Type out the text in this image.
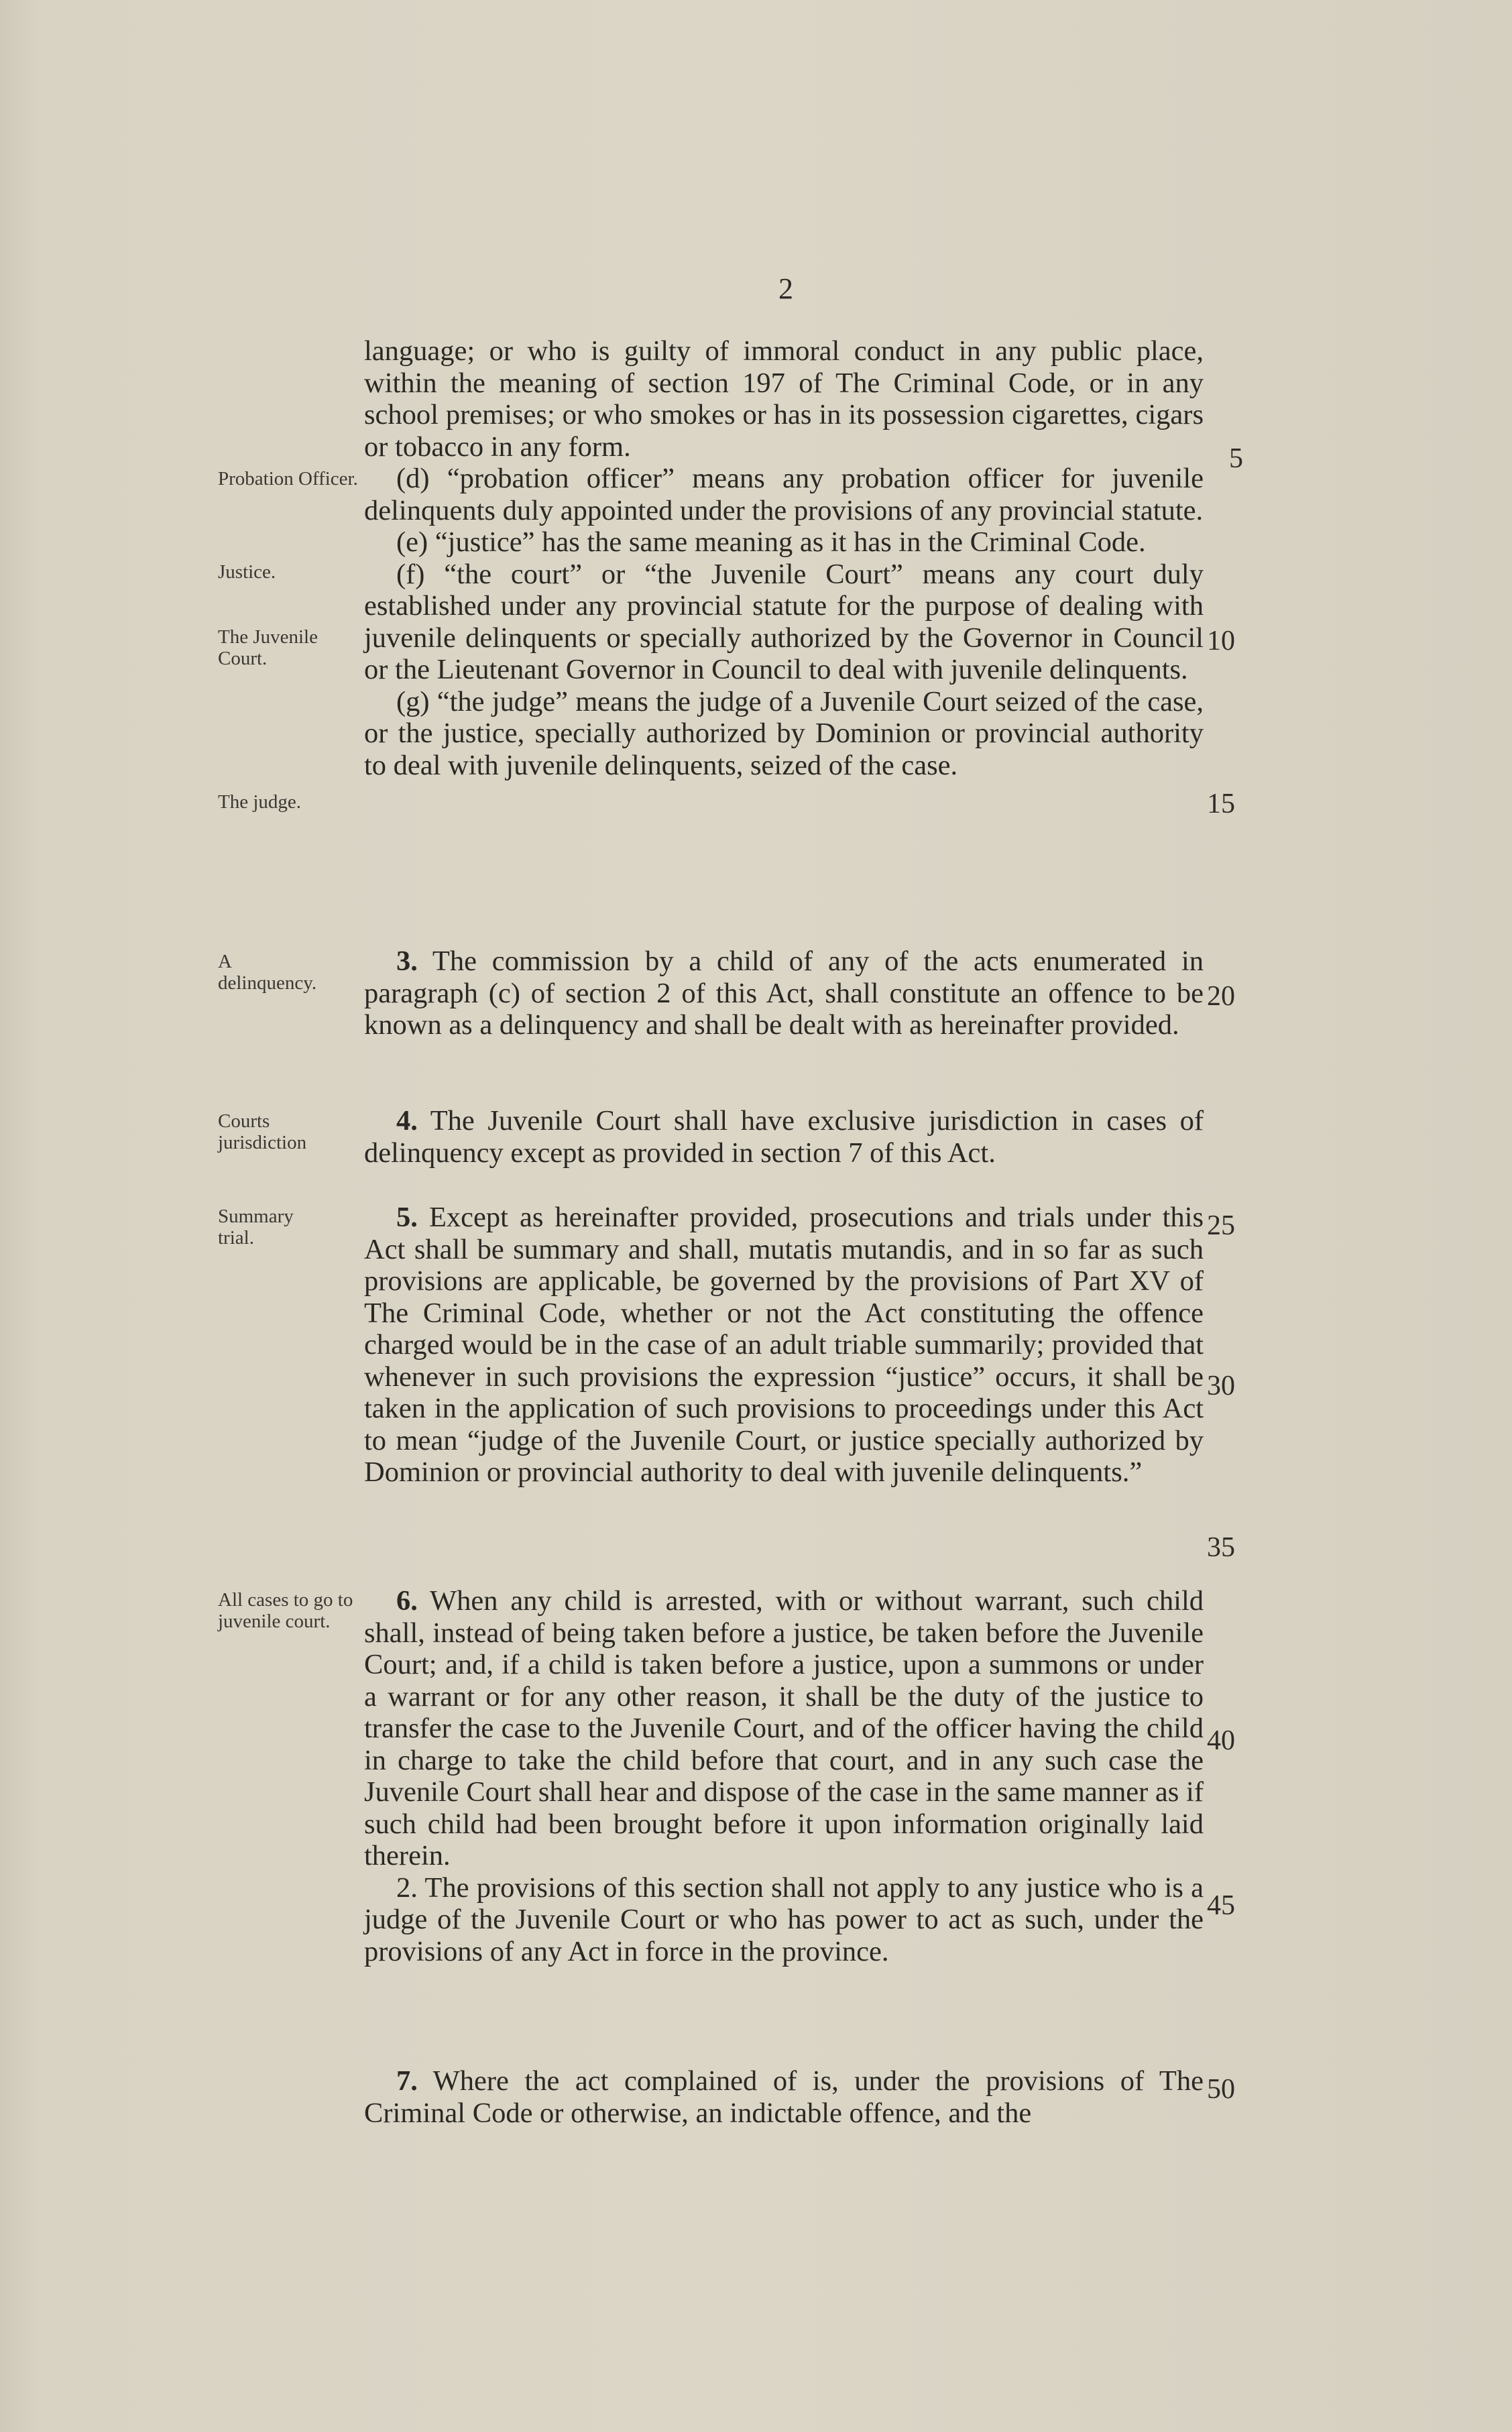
2
Probation Officer.
Justice.
The Juvenile Court.
The judge.
A delinquency.
Courts jurisdiction
Summary trial.
All cases to go to juvenile court.

language; or who is guilty of immoral conduct in any public place, within the meaning of section 197 of The Criminal Code, or in any school premises; or who smokes or has in its possession cigarettes, cigars or tobacco in any form.

(d) “probation officer” means any probation officer for juvenile delinquents duly appointed under the provisions of any provincial statute.

(e) “justice” has the same meaning as it has in the Criminal Code.

(f) “the court” or “the Juvenile Court” means any court duly established under any provincial statute for the purpose of dealing with juvenile delinquents or specially authorized by the Governor in Council or the Lieutenant Governor in Council to deal with juvenile delinquents.

(g) “the judge” means the judge of a Juvenile Court seized of the case, or the justice, specially authorized by Dominion or provincial authority to deal with juvenile delinquents, seized of the case.

3. The commission by a child of any of the acts enumerated in paragraph (c) of section 2 of this Act, shall constitute an offence to be known as a delinquency and shall be dealt with as hereinafter provided.

4. The Juvenile Court shall have exclusive jurisdiction in cases of delinquency except as provided in section 7 of this Act.

5. Except as hereinafter provided, prosecutions and trials under this Act shall be summary and shall, mutatis mutandis, and in so far as such provisions are applicable, be governed by the provisions of Part XV of The Criminal Code, whether or not the Act constituting the offence charged would be in the case of an adult triable summarily; provided that whenever in such provisions the expression “justice” occurs, it shall be taken in the application of such provisions to proceedings under this Act to mean “judge of the Juvenile Court, or justice specially authorized by Dominion or provincial authority to deal with juvenile delinquents.”

6. When any child is arrested, with or without warrant, such child shall, instead of being taken before a justice, be taken before the Juvenile Court; and, if a child is taken before a justice, upon a summons or under a warrant or for any other reason, it shall be the duty of the justice to transfer the case to the Juvenile Court, and of the officer having the child in charge to take the child before that court, and in any such case the Juvenile Court shall hear and dispose of the case in the same manner as if such child had been brought before it upon information originally laid therein.

2. The provisions of this section shall not apply to any justice who is a judge of the Juvenile Court or who has power to act as such, under the provisions of any Act in force in the province.

7. Where the act complained of is, under the provisions of The Criminal Code or otherwise, an indictable offence, and the

5
10
15
20
25
30
35
40
45
50
